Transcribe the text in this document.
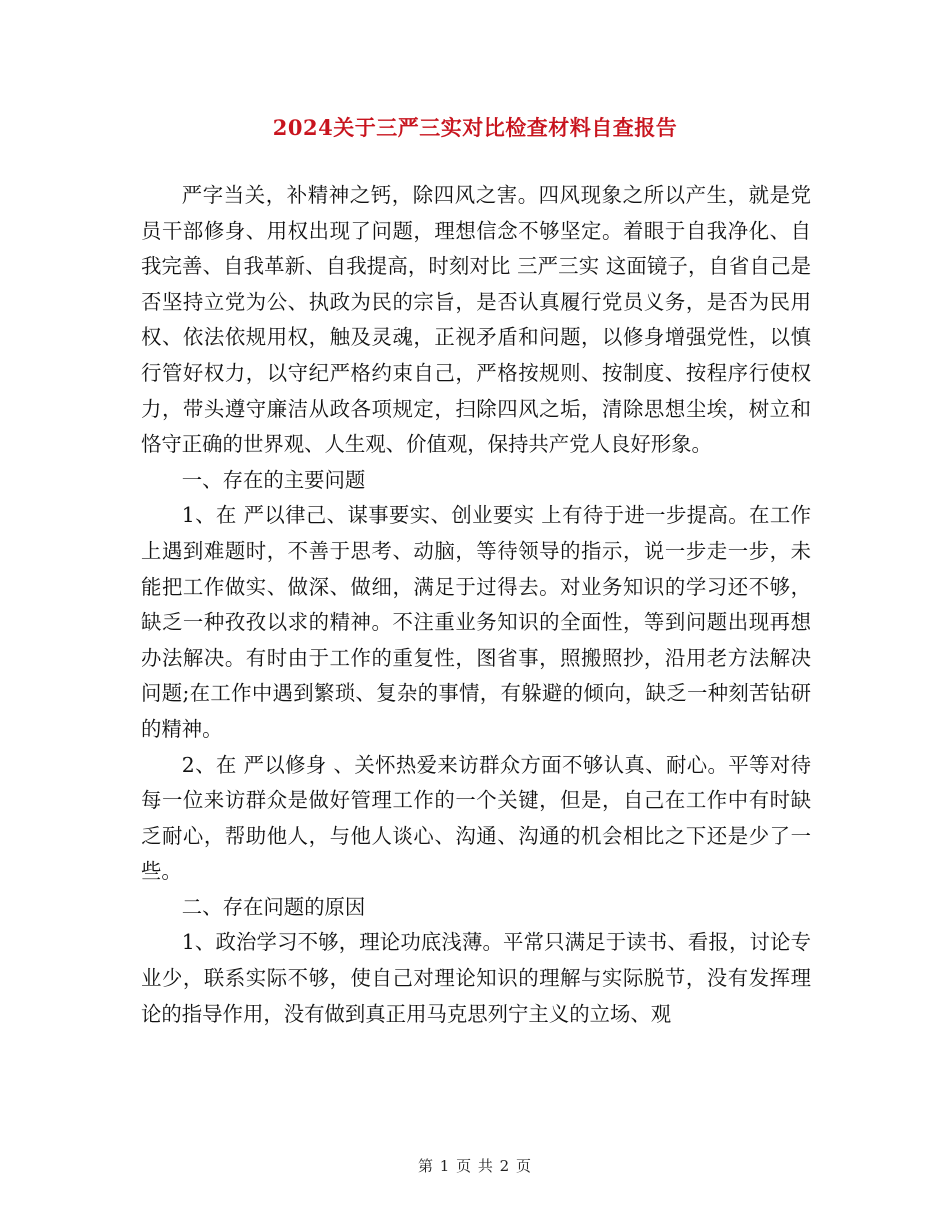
2024关于三严三实对比检查材料自查报告

严字当关，补精神之钙，除四风之害。四风现象之所以产生，就是党员干部修身、用权出现了问题，理想信念不够坚定。着眼于自我净化、自我完善、自我革新、自我提高，时刻对比 三严三实 这面镜子，自省自己是否坚持立党为公、执政为民的宗旨，是否认真履行党员义务，是否为民用权、依法依规用权，触及灵魂，正视矛盾和问题，以修身增强党性，以慎行管好权力，以守纪严格约束自己，严格按规则、按制度、按程序行使权力，带头遵守廉洁从政各项规定，扫除四风之垢，清除思想尘埃，树立和恪守正确的世界观、人生观、价值观，保持共产党人良好形象。

一、存在的主要问题

1、在 严以律己、谋事要实、创业要实 上有待于进一步提高。在工作上遇到难题时，不善于思考、动脑，等待领导的指示，说一步走一步，未能把工作做实、做深、做细，满足于过得去。对业务知识的学习还不够，缺乏一种孜孜以求的精神。不注重业务知识的全面性，等到问题出现再想办法解决。有时由于工作的重复性，图省事，照搬照抄，沿用老方法解决问题;在工作中遇到繁琐、复杂的事情，有躲避的倾向，缺乏一种刻苦钻研的精神。

2、在 严以修身 、关怀热爱来访群众方面不够认真、耐心。平等对待每一位来访群众是做好管理工作的一个关键，但是，自己在工作中有时缺乏耐心，帮助他人，与他人谈心、沟通、沟通的机会相比之下还是少了一些。

二、存在问题的原因

1、政治学习不够，理论功底浅薄。平常只满足于读书、看报，讨论专业少，联系实际不够，使自己对理论知识的理解与实际脱节，没有发挥理论的指导作用，没有做到真正用马克思列宁主义的立场、观

第 1 页 共 2 页
